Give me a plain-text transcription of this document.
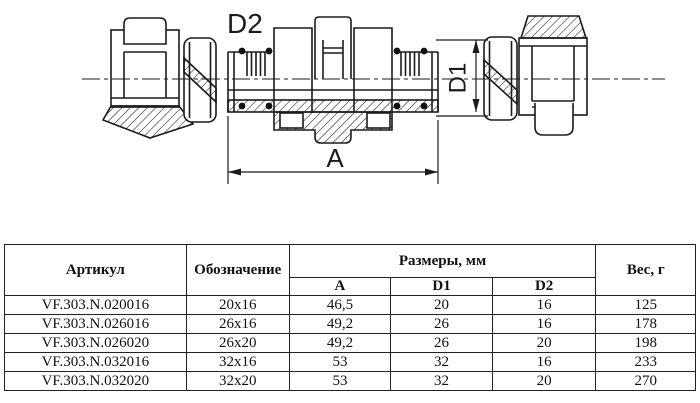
D2
A
D1
Артикул	Обозначение	Размеры, мм			Вес, г
		A	D1	D2	
VF.303.N.020016	20x16	46,5	20	16	125
VF.303.N.026016	26x16	49,2	26	16	178
VF.303.N.026020	26x20	49,2	26	20	198
VF.303.N.032016	32x16	53	32	16	233
VF.303.N.032020	32x20	53	32	20	270
